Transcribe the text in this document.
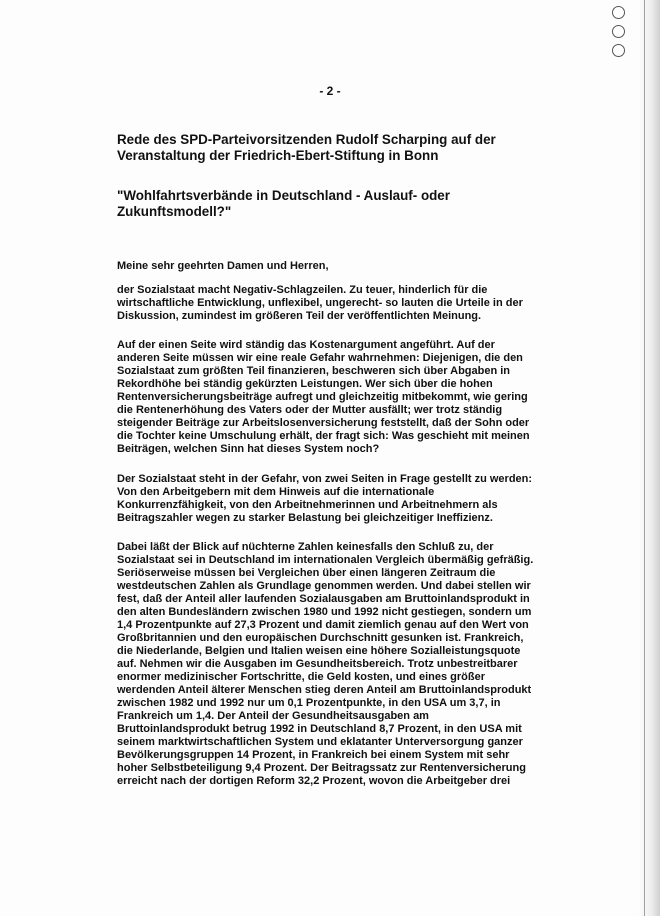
- 2 -
Rede des SPD-Parteivorsitzenden Rudolf Scharping auf der
Veranstaltung der Friedrich-Ebert-Stiftung in Bonn
"Wohlfahrtsverbände in Deutschland - Auslauf- oder
Zukunftsmodell?"
Meine sehr geehrten Damen und Herren,
der Sozialstaat macht Negativ-Schlagzeilen. Zu teuer, hinderlich für die
wirtschaftliche Entwicklung, unflexibel, ungerecht- so lauten die Urteile in der
Diskussion, zumindest im größeren Teil der veröffentlichten Meinung.
Auf der einen Seite wird ständig das Kostenargument angeführt. Auf der
anderen Seite müssen wir eine reale Gefahr wahrnehmen: Diejenigen, die den
Sozialstaat zum größten Teil finanzieren, beschweren sich über Abgaben in
Rekordhöhe bei ständig gekürzten Leistungen. Wer sich über die hohen
Rentenversicherungsbeiträge aufregt und gleichzeitig mitbekommt, wie gering
die Rentenerhöhung des Vaters oder der Mutter ausfällt; wer trotz ständig
steigender Beiträge zur Arbeitslosenversicherung feststellt, daß der Sohn oder
die Tochter keine Umschulung erhält, der fragt sich: Was geschieht mit meinen
Beiträgen, welchen Sinn hat dieses System noch?
Der Sozialstaat steht in der Gefahr, von zwei Seiten in Frage gestellt zu werden:
Von den Arbeitgebern mit dem Hinweis auf die internationale
Konkurrenzfähigkeit, von den Arbeitnehmerinnen und Arbeitnehmern als
Beitragszahler wegen zu starker Belastung bei gleichzeitiger Ineffizienz.
Dabei läßt der Blick auf nüchterne Zahlen keinesfalls den Schluß zu, der
Sozialstaat sei in Deutschland im internationalen Vergleich übermäßig gefräßig.
Seriöserweise müssen bei Vergleichen über einen längeren Zeitraum die
westdeutschen Zahlen als Grundlage genommen werden. Und dabei stellen wir
fest, daß der Anteil aller laufenden Sozialausgaben am Bruttoinlandsprodukt in
den alten Bundesländern zwischen 1980 und 1992 nicht gestiegen, sondern um
1,4 Prozentpunkte auf 27,3 Prozent und damit ziemlich genau auf den Wert von
Großbritannien und den europäischen Durchschnitt gesunken ist. Frankreich,
die Niederlande, Belgien und Italien weisen eine höhere Sozialleistungsquote
auf. Nehmen wir die Ausgaben im Gesundheitsbereich. Trotz unbestreitbarer
enormer medizinischer Fortschritte, die Geld kosten, und eines größer
werdenden Anteil älterer Menschen stieg deren Anteil am Bruttoinlandsprodukt
zwischen 1982 und 1992 nur um 0,1 Prozentpunkte, in den USA um 3,7, in
Frankreich um 1,4. Der Anteil der Gesundheitsausgaben am
Bruttoinlandsprodukt betrug 1992 in Deutschland 8,7 Prozent, in den USA mit
seinem marktwirtschaftlichen System und eklatanter Unterversorgung ganzer
Bevölkerungsgruppen 14 Prozent, in Frankreich bei einem System mit sehr
hoher Selbstbeteiligung 9,4 Prozent. Der Beitragssatz zur Rentenversicherung
erreicht nach der dortigen Reform 32,2 Prozent, wovon die Arbeitgeber drei
